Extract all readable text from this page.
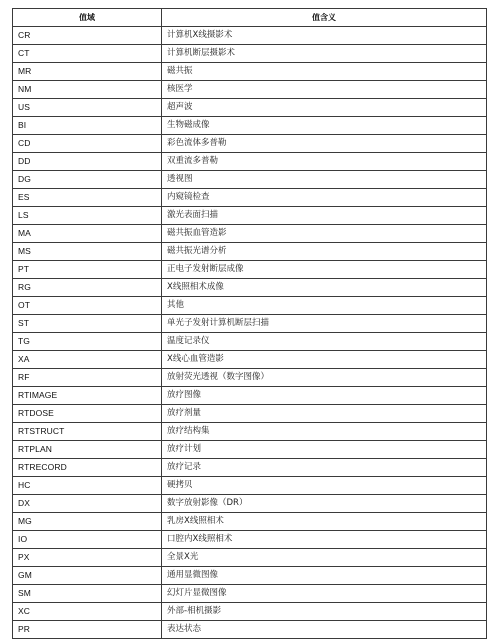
值域	值含义
CR	计算机X线摄影术
CT	计算机断层摄影术
MR	磁共振
NM	核医学
US	超声波
BI	生物磁成像
CD	彩色流体多普勒
DD	双重流多普勒
DG	透视图
ES	内窥镜检查
LS	激光表面扫描
MA	磁共振血管造影
MS	磁共振光谱分析
PT	正电子发射断层成像
RG	X线照相术成像
OT	其他
ST	单光子发射计算机断层扫描
TG	温度记录仪
XA	X线心血管造影
RF	放射荧光透视（数字图像）
RTIMAGE	放疗图像
RTDOSE	放疗剂量
RTSTRUCT	放疗结构集
RTPLAN	放疗计划
RTRECORD	放疗记录
HC	硬拷贝
DX	数字放射影像（DR）
MG	乳房X线照相术
IO	口腔内X线照相术
PX	全景X光
GM	通用显微图像
SM	幻灯片显微图像
XC	外部-相机摄影
PR	表达状态
